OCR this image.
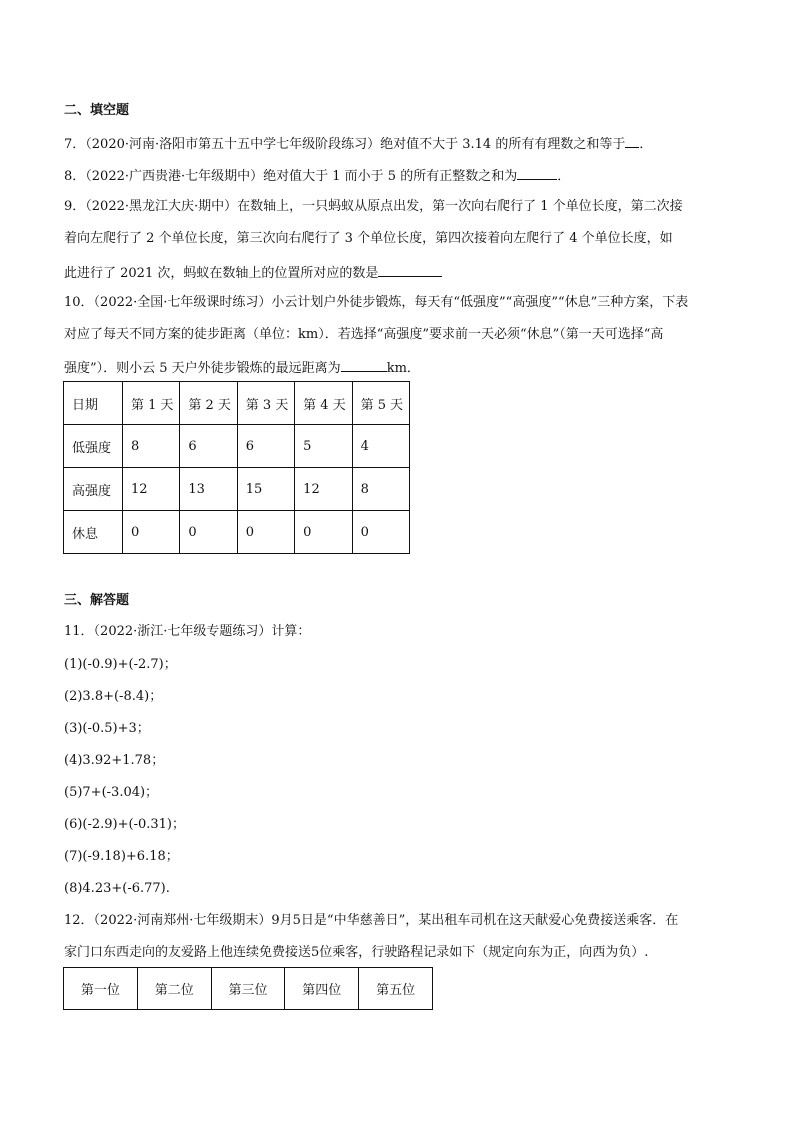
二、填空题
7．（2020·河南·洛阳市第五十五中学七年级阶段练习）绝对值不大于 3.14 的所有有理数之和等于 ．
8．（2022·广西贵港·七年级期中）绝对值大于 1 而小于 5 的所有正整数之和为	．
9．（2022·黑龙江大庆·期中）在数轴上，一只蚂蚁从原点出发，第一次向右爬行了 1 个单位长度，第二次接
着向左爬行了 2 个单位长度，第三次向右爬行了 3 个单位长度，第四次接着向左爬行了 4 个单位长度，如
此进行了 2021 次，蚂蚁在数轴上的位置所对应的数是
10．（2022·全国·七年级课时练习）小云计划户外徒步锻炼，每天有“低强度”“高强度”“休息”三种方案，下表
对应了每天不同方案的徒步距离（单位：km）．若选择“高强度”要求前一天必须“休息”（第一天可选择“高
强度”）．则小云 5 天户外徒步锻炼的最远距离为	km．
日期	第 1 天	第 2 天	第 3 天	第 4 天	第 5 天
低强度	8	6	6	5	4
高强度	12	13	15	12	8
休息	0	0	0	0	0
三、解答题
11．（2022·浙江·七年级专题练习）计算：
(1)(-0.9)+(-2.7)；
(2)3.8+(-8.4)；
(3)(-0.5)+3；
(4)3.92+1.78；
(5)7+(-3.04)；
(6)(-2.9)+(-0.31)；
(7)(-9.18)+6.18；
(8)4.23+(-6.77).
12．（2022·河南郑州·七年级期末）9月5日是“中华慈善日”，某出租车司机在这天献爱心免费接送乘客．在
家门口东西走向的友爱路上他连续免费接送5位乘客，行驶路程记录如下（规定向东为正，向西为负）.
第一位	第二位	第三位	第四位	第五位
